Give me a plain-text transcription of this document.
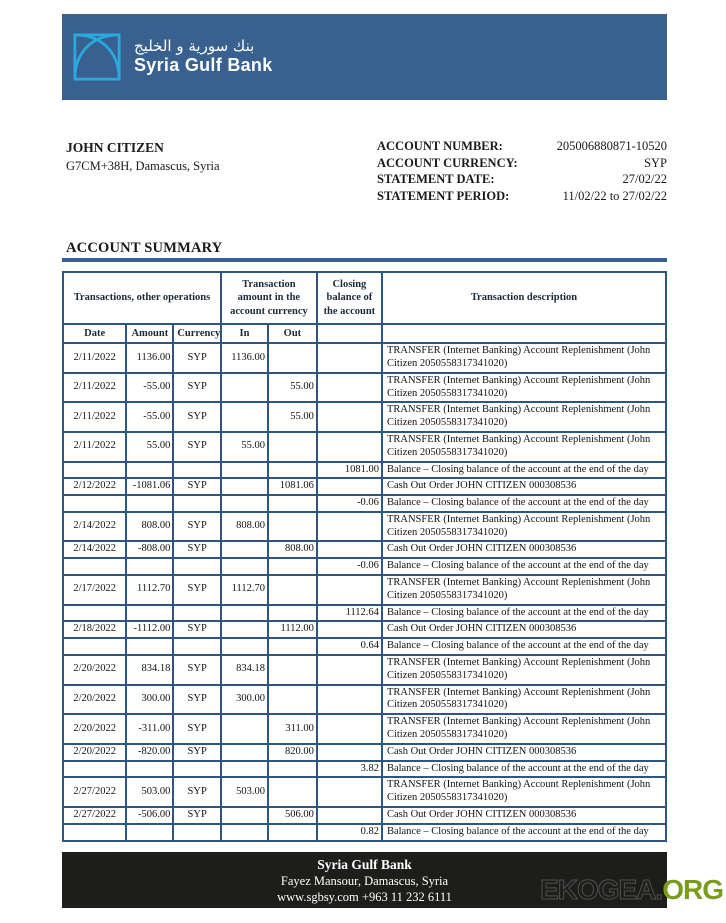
بنك سورية و الخليج
Syria Gulf Bank
JOHN CITIZEN
G7CM+38H, Damascus, Syria
ACCOUNT NUMBER:	205006880871-10520
ACCOUNT CURRENCY:	SYP
STATEMENT DATE:	27/02/22
STATEMENT PERIOD:	11/02/22 to 27/02/22
ACCOUNT SUMMARY
Transactions, other operations			Transaction amount in the account currency		Closing balance of the account	Transaction description
Date	Amount	Currency	In	Out		
2/11/2022	1136.00	SYP	1136.00			TRANSFER (Internet Banking) Account Replenishment (John Citizen 2050558317341020)
2/11/2022	-55.00	SYP		55.00		TRANSFER (Internet Banking) Account Replenishment (John Citizen 2050558317341020)
2/11/2022	-55.00	SYP		55.00		TRANSFER (Internet Banking) Account Replenishment (John Citizen 2050558317341020)
2/11/2022	55.00	SYP	55.00			TRANSFER (Internet Banking) Account Replenishment (John Citizen 2050558317341020)
					1081.00	Balance – Closing balance of the account at the end of the day
2/12/2022	-1081.06	SYP		1081.06		Cash Out Order JOHN CITIZEN 000308536
					-0.06	Balance – Closing balance of the account at the end of the day
2/14/2022	808.00	SYP	808.00			TRANSFER (Internet Banking) Account Replenishment (John Citizen 2050558317341020)
2/14/2022	-808.00	SYP		808.00		Cash Out Order JOHN CITIZEN 000308536
					-0.06	Balance – Closing balance of the account at the end of the day
2/17/2022	1112.70	SYP	1112.70			TRANSFER (Internet Banking) Account Replenishment (John Citizen 2050558317341020)
					1112.64	Balance – Closing balance of the account at the end of the day
2/18/2022	-1112.00	SYP		1112.00		Cash Out Order JOHN CITIZEN 000308536
					0.64	Balance – Closing balance of the account at the end of the day
2/20/2022	834.18	SYP	834.18			TRANSFER (Internet Banking) Account Replenishment (John Citizen 2050558317341020)
2/20/2022	300.00	SYP	300.00			TRANSFER (Internet Banking) Account Replenishment (John Citizen 2050558317341020)
2/20/2022	-311.00	SYP		311.00		TRANSFER (Internet Banking) Account Replenishment (John Citizen 2050558317341020)
2/20/2022	-820.00	SYP		820.00		Cash Out Order JOHN CITIZEN 000308536
					3.82	Balance – Closing balance of the account at the end of the day
2/27/2022	503.00	SYP	503.00			TRANSFER (Internet Banking) Account Replenishment (John Citizen 2050558317341020)
2/27/2022	-506.00	SYP		506.00		Cash Out Order JOHN CITIZEN 000308536
					0.82	Balance – Closing balance of the account at the end of the day
Syria Gulf Bank
Fayez Mansour, Damascus, Syria
www.sgbsy.com +963 11 232 6111	EKOGEA. ORG
